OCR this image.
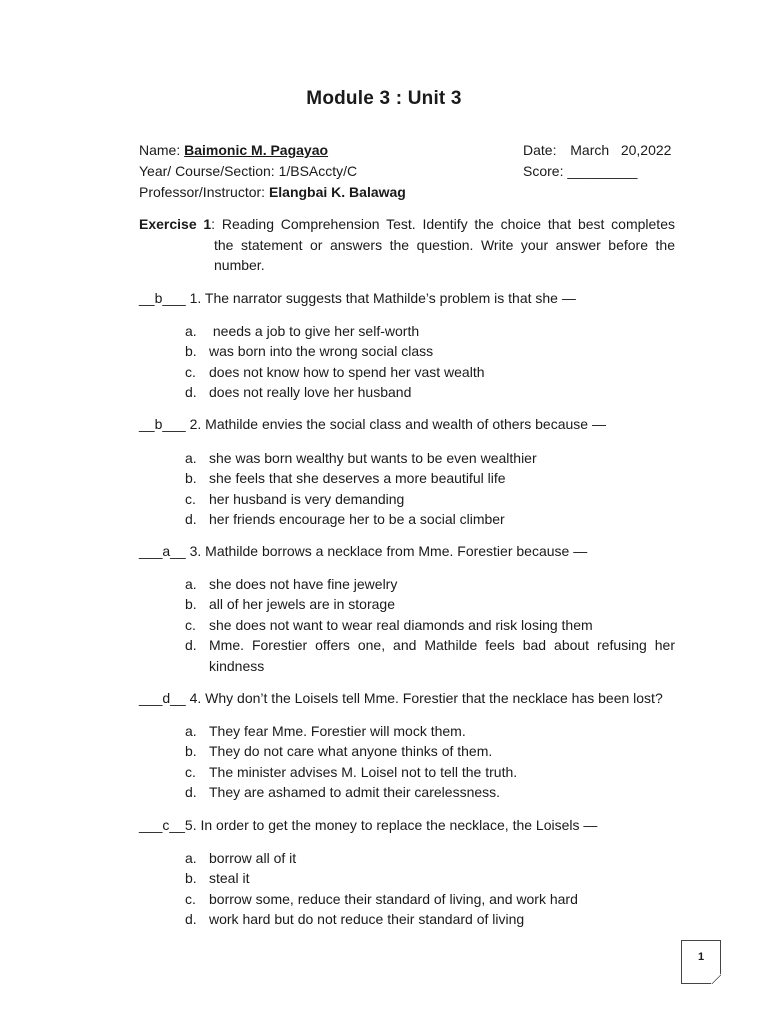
Module 3 : Unit 3
Name: Baimonic M. Pagayao	Date: March   20,2022
Year/ Course/Section: 1/BSAccty/C	Score: _________
Professor/Instructor: Elangbai K. Balawag
Exercise 1: Reading Comprehension Test. Identify the choice that best completes
the statement or answers the question. Write your answer before the number.
__b___ 1. The narrator suggests that Mathilde’s problem is that she —
a. needs a job to give her self-worth
b. was born into the wrong social class
c. does not know how to spend her vast wealth
d. does not really love her husband
__b___ 2. Mathilde envies the social class and wealth of others because —
a. she was born wealthy but wants to be even wealthier
b. she feels that she deserves a more beautiful life
c. her husband is very demanding
d. her friends encourage her to be a social climber
___a__ 3. Mathilde borrows a necklace from Mme. Forestier because —
a. she does not have fine jewelry
b. all of her jewels are in storage
c. she does not want to wear real diamonds and risk losing them
d. Mme. Forestier offers one, and Mathilde feels bad about refusing her kindness
___d__ 4. Why don’t the Loisels tell Mme. Forestier that the necklace has been lost?
a. They fear Mme. Forestier will mock them.
b. They do not care what anyone thinks of them.
c. The minister advises M. Loisel not to tell the truth.
d. They are ashamed to admit their carelessness.
___c__5. In order to get the money to replace the necklace, the Loisels —
a. borrow all of it
b. steal it
c. borrow some, reduce their standard of living, and work hard
d. work hard but do not reduce their standard of living
1
